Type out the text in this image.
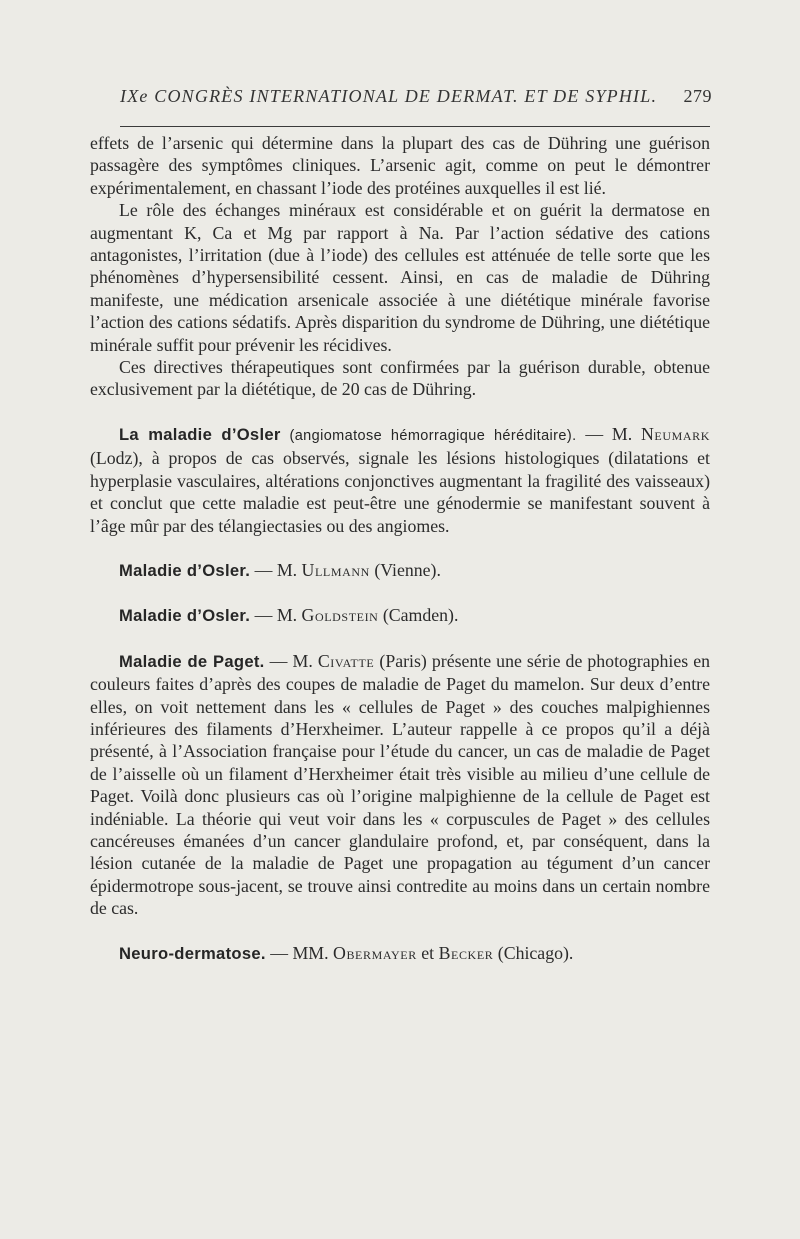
IXe CONGRÈS INTERNATIONAL DE DERMAT. ET DE SYPHIL. 279

effets de l’arsenic qui détermine dans la plupart des cas de Dühring une guérison passagère des symptômes cliniques. L’arsenic agit, comme on peut le démontrer expérimentalement, en chassant l’iode des protéines auxquelles il est lié.

Le rôle des échanges minéraux est considérable et on guérit la dermatose en augmentant K, Ca et Mg par rapport à Na. Par l’action sédative des cations antagonistes, l’irritation (due à l’iode) des cellules est atténuée de telle sorte que les phénomènes d’hypersensibilité cessent. Ainsi, en cas de maladie de Dühring manifeste, une médication arsenicale associée à une diététique minérale favorise l’action des cations sédatifs. Après disparition du syndrome de Dühring, une diététique minérale suffit pour prévenir les récidives.

Ces directives thérapeutiques sont confirmées par la guérison durable, obtenue exclusivement par la diététique, de 20 cas de Dühring.

La maladie d’Osler (angiomatose hémorragique héréditaire). — M. Neumark (Lodz), à propos de cas observés, signale les lésions histologiques (dilatations et hyperplasie vasculaires, altérations conjonctives augmentant la fragilité des vaisseaux) et conclut que cette maladie est peut-être une génodermie se manifestant souvent à l’âge mûr par des télangiectasies ou des angiomes.

Maladie d’Osler. — M. Ullmann (Vienne).

Maladie d’Osler. — M. Goldstein (Camden).

Maladie de Paget. — M. Civatte (Paris) présente une série de photographies en couleurs faites d’après des coupes de maladie de Paget du mamelon. Sur deux d’entre elles, on voit nettement dans les « cellules de Paget » des couches malpighiennes inférieures des filaments d’Herxheimer. L’auteur rappelle à ce propos qu’il a déjà présenté, à l’Association française pour l’étude du cancer, un cas de maladie de Paget de l’aisselle où un filament d’Herxheimer était très visible au milieu d’une cellule de Paget. Voilà donc plusieurs cas où l’origine malpighienne de la cellule de Paget est indéniable. La théorie qui veut voir dans les « corpuscules de Paget » des cellules cancéreuses émanées d’un cancer glandulaire profond, et, par conséquent, dans la lésion cutanée de la maladie de Paget une propagation au tégument d’un cancer épidermotrope sous-jacent, se trouve ainsi contredite au moins dans un certain nombre de cas.

Neuro-dermatose. — MM. Obermayer et Becker (Chicago).
